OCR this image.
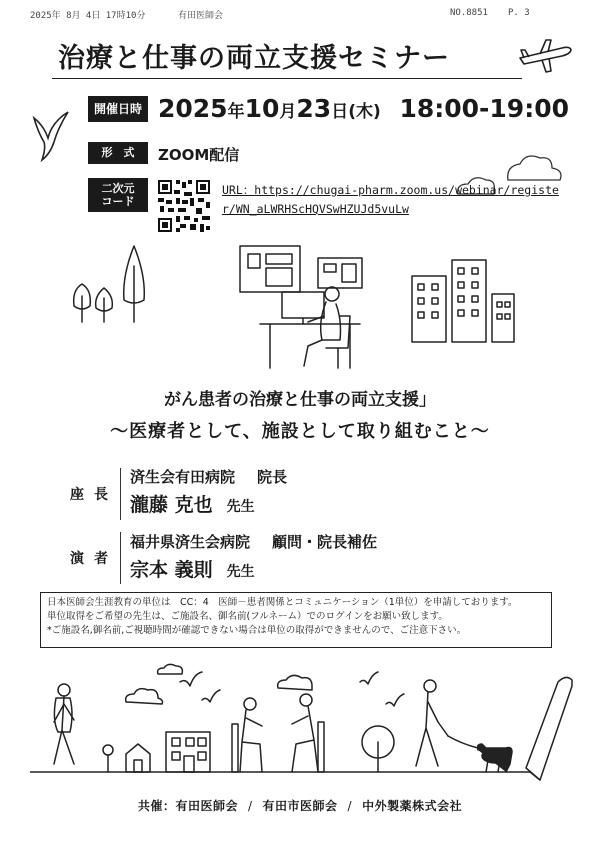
2025年 8月 4日 17時10分	有田医師会	NO.8851 P. 3
治療と仕事の両立支援セミナー
開催日時 2025年10月23日(木) 18:00-19:00
形　式	ZOOM配信
二次元
コード
URL：https://chugai-pharm.zoom.us/webinar/register/WN_aLWRHScHQVSwHZUJd5vuLw
がん患者の治療と仕事の両立支援」
～医療者として、施設として取り組むこと～
座長
済生会有田病院 院長
瀧藤 克也 先生
演者
福井県済生会病院 顧問・院長補佐
宗本 義則 先生

日本医師会生涯教育の単位は　CC：4　医師－患者関係とコミュニケーション（1単位）を申請しております。

単位取得をご希望の先生は、ご施設名、御名前(フルネーム）でのログインをお願い致します。

*ご施設名,御名前,ご視聴時間が確認できない場合は単位の取得ができませんので、ご注意下さい。

共催：有田医師会 / 有田市医師会 / 中外製薬株式会社
